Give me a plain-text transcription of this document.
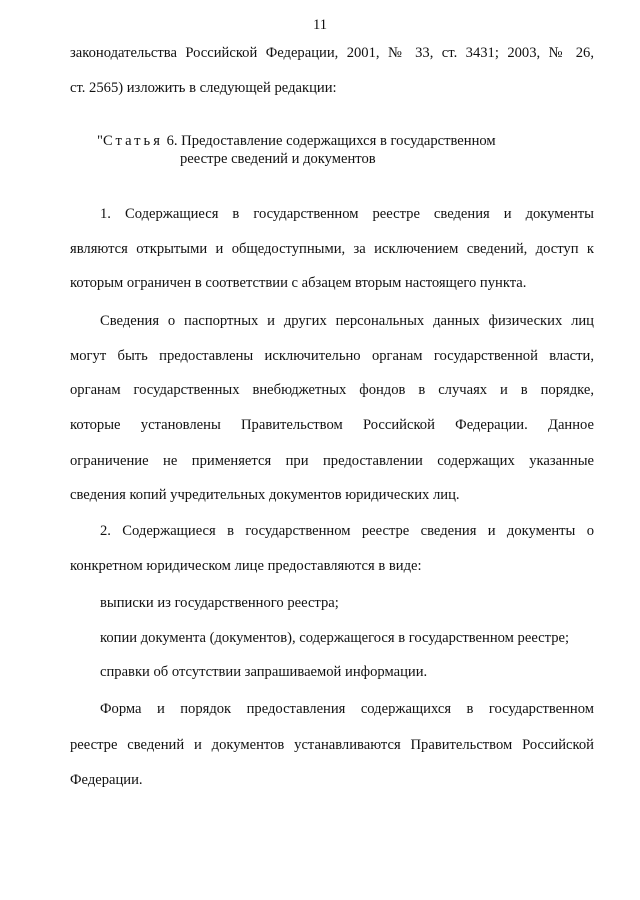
11
законодательства Российской Федерации, 2001, № 33, ст. 3431; 2003, № 26,
ст. 2565) изложить в следующей редакции:
"Статья 6. Предоставление содержащихся в государственном
реестре сведений и документов
1. Содержащиеся в государственном реестре сведения и документы
являются открытыми и общедоступными, за исключением сведений, доступ к
которым ограничен в соответствии с абзацем вторым настоящего пункта.
Сведения о паспортных и других персональных данных физических лиц
могут быть предоставлены исключительно органам государственной власти,
органам государственных внебюджетных фондов в случаях и в порядке,
которые установлены Правительством Российской Федерации. Данное
ограничение не применяется при предоставлении содержащих указанные
сведения копий учредительных документов юридических лиц.
2. Содержащиеся в государственном реестре сведения и документы о
конкретном юридическом лице предоставляются в виде:
выписки из государственного реестра;
копии документа (документов), содержащегося в государственном реестре;
справки об отсутствии запрашиваемой информации.
Форма и порядок предоставления содержащихся в государственном
реестре сведений и документов устанавливаются Правительством Российской
Федерации.
